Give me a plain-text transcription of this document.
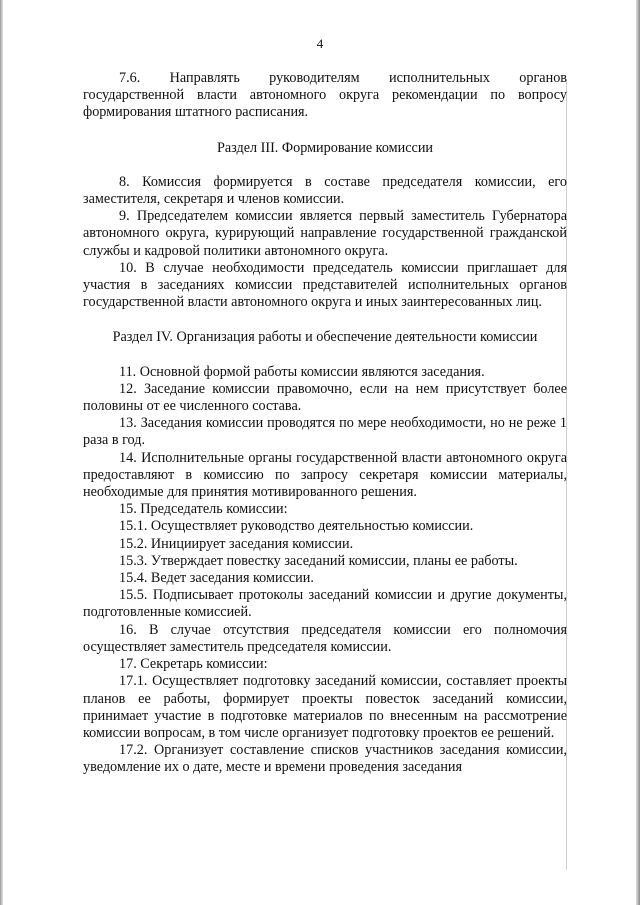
4

7.6. Направлять руководителям исполнительных органов государственной власти автономного округа рекомендации по вопросу формирования штатного расписания.

Раздел III. Формирование комиссии

8. Комиссия формируется в составе председателя комиссии, его заместителя, секретаря и членов комиссии.

9. Председателем комиссии является первый заместитель Губернатора автономного округа, курирующий направление государственной гражданской службы и кадровой политики автономного округа.

10. В случае необходимости председатель комиссии приглашает для участия в заседаниях комиссии представителей исполнительных органов государственной власти автономного округа и иных заинтересованных лиц.

Раздел IV. Организация работы и обеспечение деятельности комиссии

11. Основной формой работы комиссии являются заседания.

12. Заседание комиссии правомочно, если на нем присутствует более половины от ее численного состава.

13. Заседания комиссии проводятся по мере необходимости, но не реже 1 раза в год.

14. Исполнительные органы государственной власти автономного округа предоставляют в комиссию по запросу секретаря комиссии материалы, необходимые для принятия мотивированного решения.

15. Председатель комиссии:

15.1. Осуществляет руководство деятельностью комиссии.

15.2. Инициирует заседания комиссии.

15.3. Утверждает повестку заседаний комиссии, планы ее работы.

15.4. Ведет заседания комиссии.

15.5. Подписывает протоколы заседаний комиссии и другие документы, подготовленные комиссией.

16. В случае отсутствия председателя комиссии его полномочия осуществляет заместитель председателя комиссии.

17. Секретарь комиссии:

17.1. Осуществляет подготовку заседаний комиссии, составляет проекты планов ее работы, формирует проекты повесток заседаний комиссии, принимает участие в подготовке материалов по внесенным на рассмотрение комиссии вопросам, в том числе организует подготовку проектов ее решений.

17.2. Организует составление списков участников заседания комиссии, уведомление их о дате, месте и времени проведения заседания
